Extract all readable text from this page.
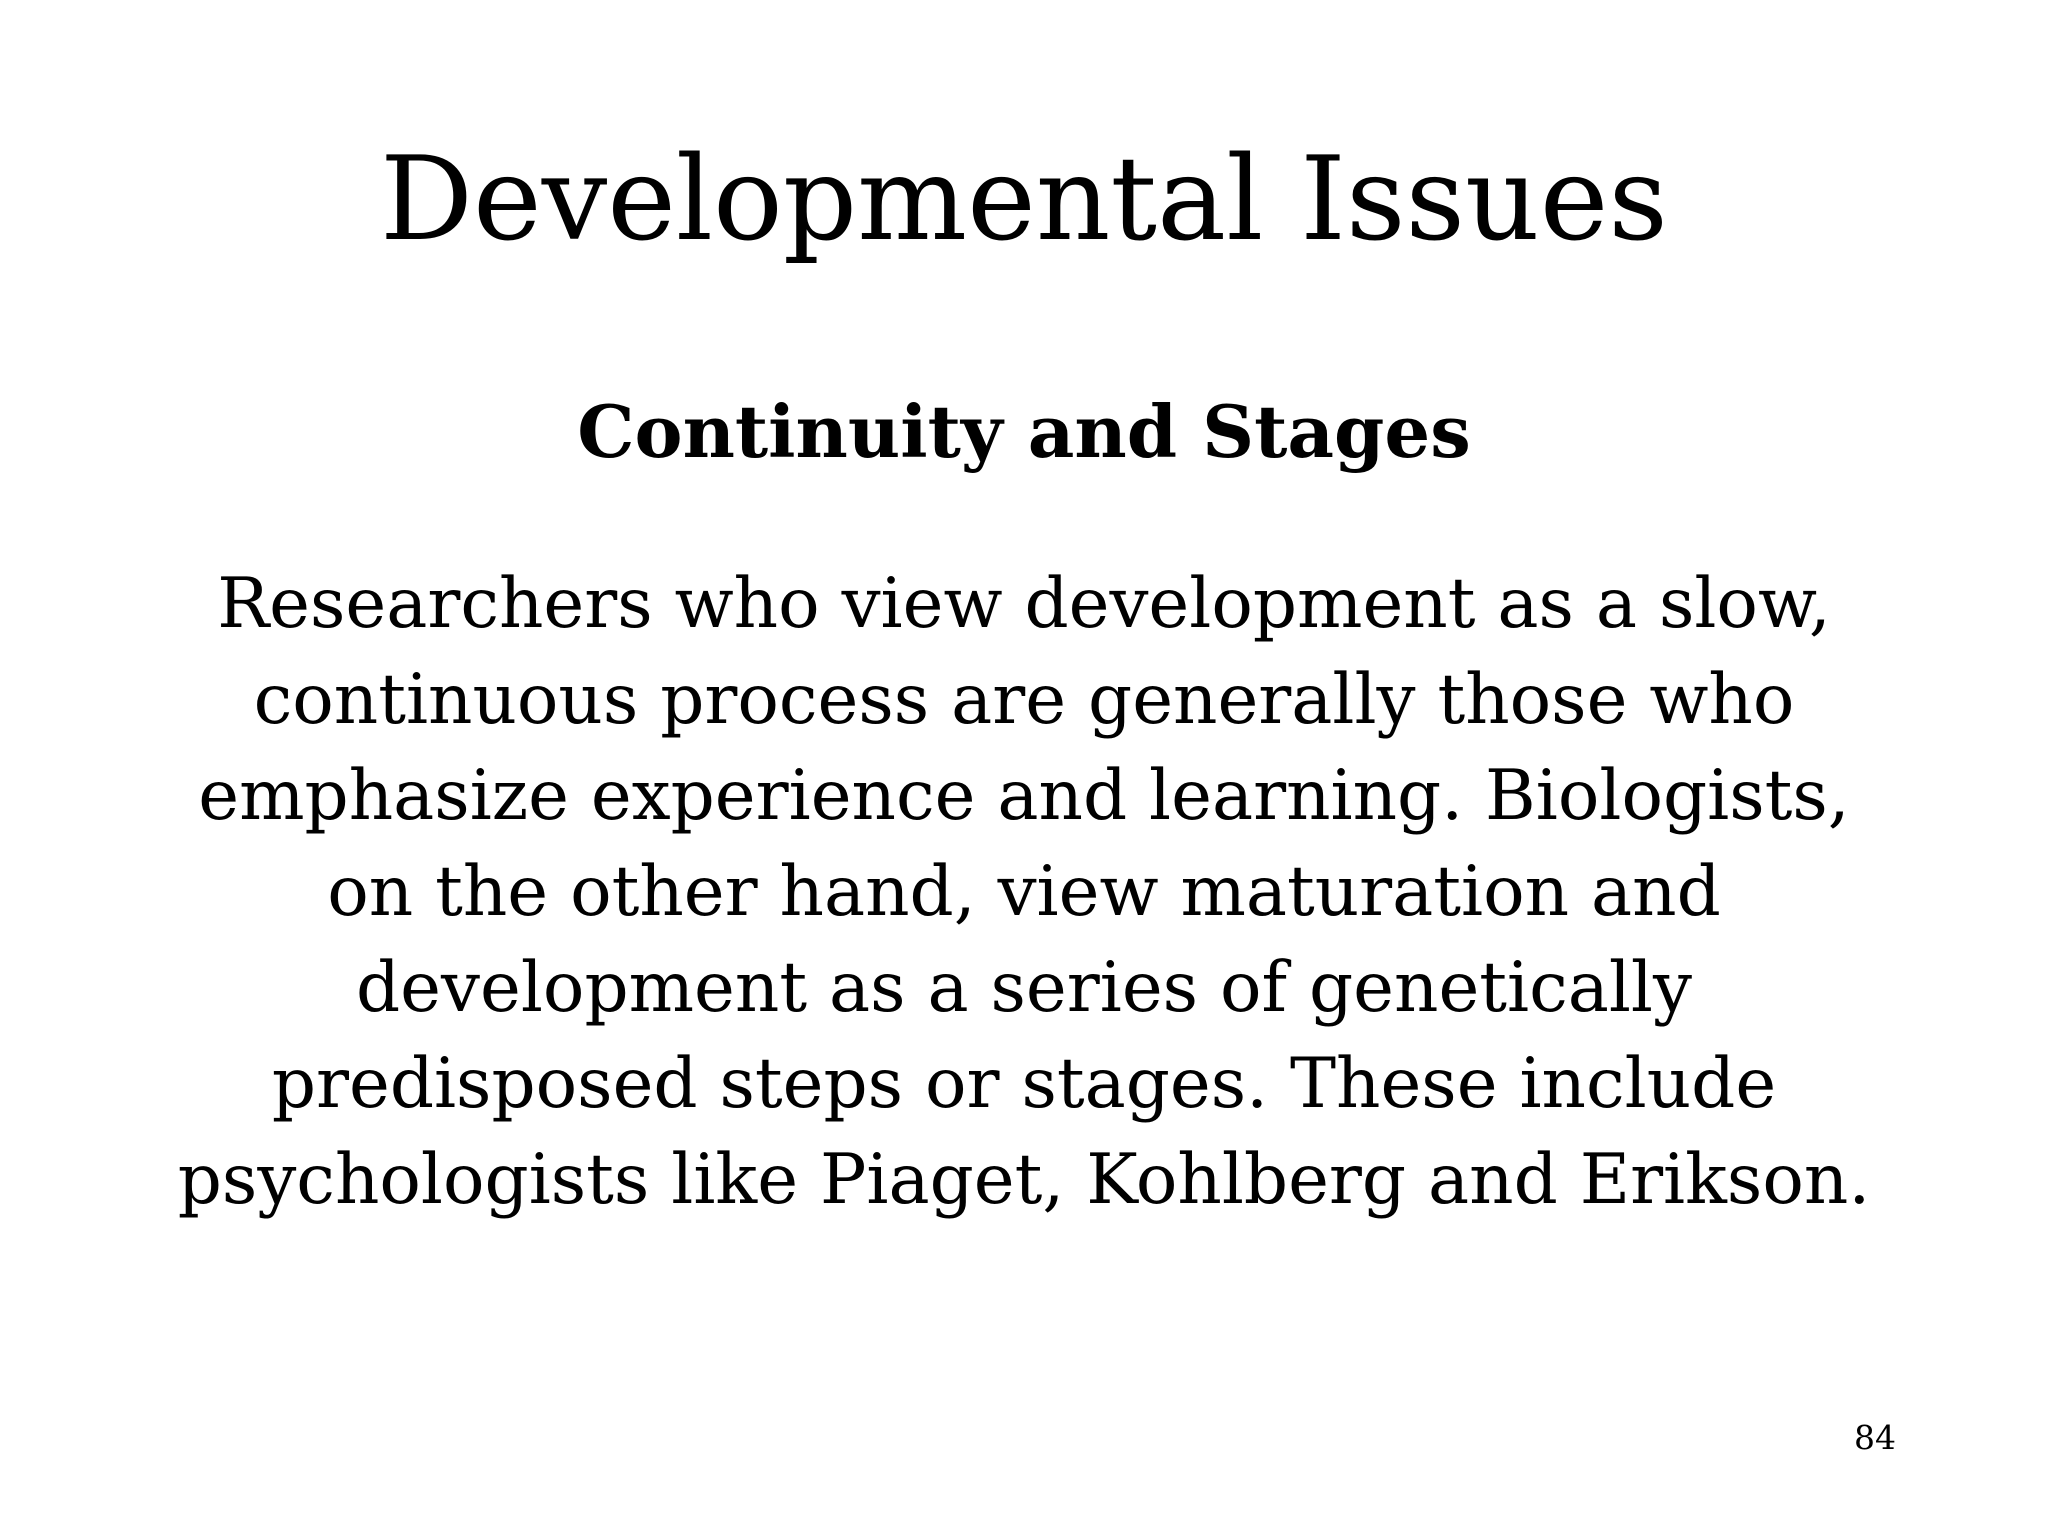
Developmental Issues
Continuity and Stages

Researchers who view development as a slow,
continuous process are generally those who
emphasize experience and learning. Biologists,
on the other hand, view maturation and
development as a series of genetically
predisposed steps or stages. These include
psychologists like Piaget, Kohlberg and Erikson.

84
